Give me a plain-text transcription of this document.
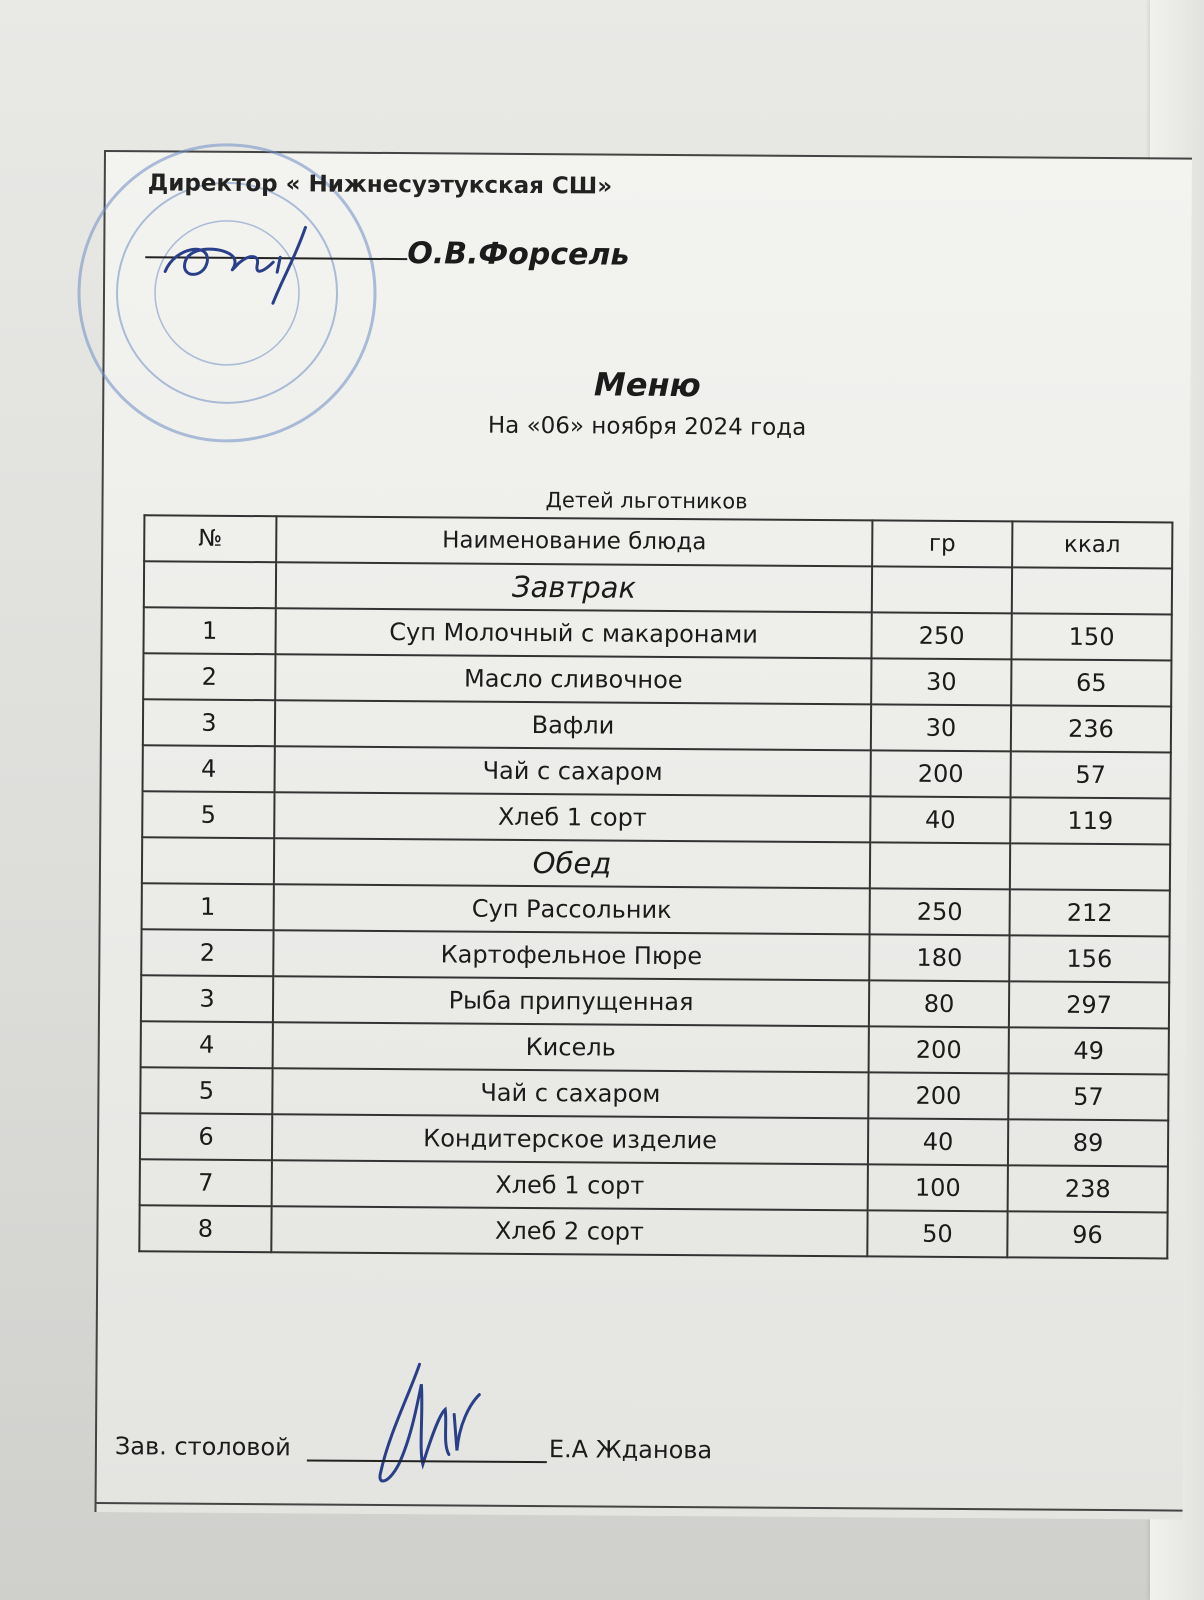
Директор « Нижнесуэтукская СШ»
О.В.Форсель
Меню
На «06» ноября 2024 года
Детей льготников
№	Наименование блюда	гр	ккал
	Завтрак		
1	Суп Молочный с макаронами	250	150
2	Масло сливочное	30	65
3	Вафли	30	236
4	Чай с сахаром	200	57
5	Хлеб 1 сорт	40	119
	Обед		
1	Суп Рассольник	250	212
2	Картофельное Пюре	180	156
3	Рыба припущенная	80	297
4	Кисель	200	49
5	Чай с сахаром	200	57
6	Кондитерское изделие	40	89
7	Хлеб 1 сорт	100	238
8	Хлеб 2 сорт	50	96
Зав. столовой	Е.А Жданова
